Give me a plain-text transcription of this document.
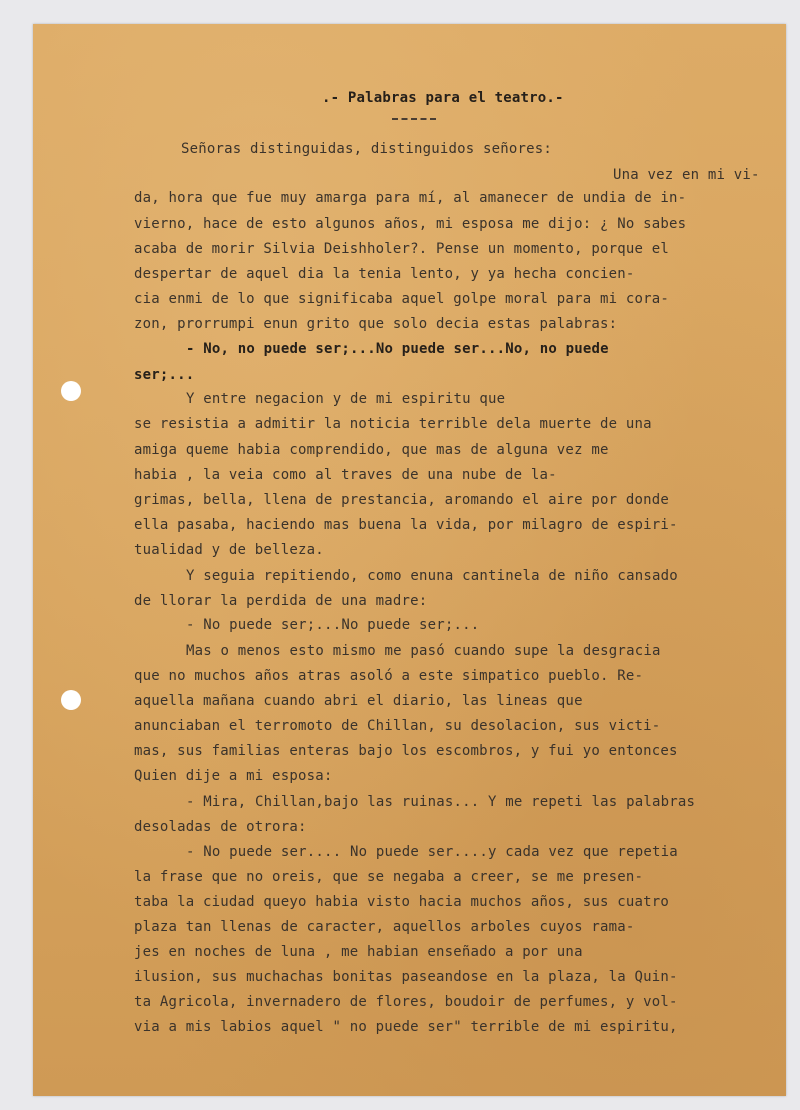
.- Palabras para el teatro.-

Señoras distinguidas, distinguidos señores:

Una vez en mi vi-

da, hora que fue muy amarga para mí, al amanecer de undia de in-

vierno, hace de esto algunos años, mi esposa me dijo: ¿ No sabes

acaba de morir Silvia Deishholer?. Pense un momento, porque el

despertar de aquel dia la tenia lento, y ya hecha concien-

cia enmi de lo que significaba aquel golpe moral para mi cora-

zon, prorrumpi enun grito que solo decia estas palabras:

- No, no puede ser;...No puede ser...No, no puede

ser;...

Y entre negacion y de mi espiritu que

se resistia a admitir la noticia terrible dela muerte de una

amiga queme habia comprendido, que mas de alguna vez me

habia , la veia como al traves de una nube de la-

grimas, bella, llena de prestancia, aromando el aire por donde

ella pasaba, haciendo mas buena la vida, por milagro de espiri-

tualidad y de belleza.

Y seguia repitiendo, como enuna cantinela de niño cansado

de llorar la perdida de una madre:

- No puede ser;...No puede ser;...

Mas o menos esto mismo me pasó cuando supe la desgracia

que no muchos años atras asoló a este simpatico pueblo. Re-

aquella mañana cuando abri el diario, las lineas que

anunciaban el terromoto de Chillan, su desolacion, sus victi-

mas, sus familias enteras bajo los escombros, y fui yo entonces

Quien dije a mi esposa:

- Mira, Chillan,bajo las ruinas... Y me repeti las palabras

desoladas de otrora:

- No puede ser.... No puede ser....y cada vez que repetia

la frase que no oreis, que se negaba a creer, se me presen-

taba la ciudad queyo habia visto hacia muchos años, sus cuatro

plaza tan llenas de caracter, aquellos arboles cuyos rama-

jes en noches de luna , me habian enseñado a por una

ilusion, sus muchachas bonitas paseandose en la plaza, la Quin-

ta Agricola, invernadero de flores, boudoir de perfumes, y vol-

via a mis labios aquel " no puede ser" terrible de mi espiritu,
